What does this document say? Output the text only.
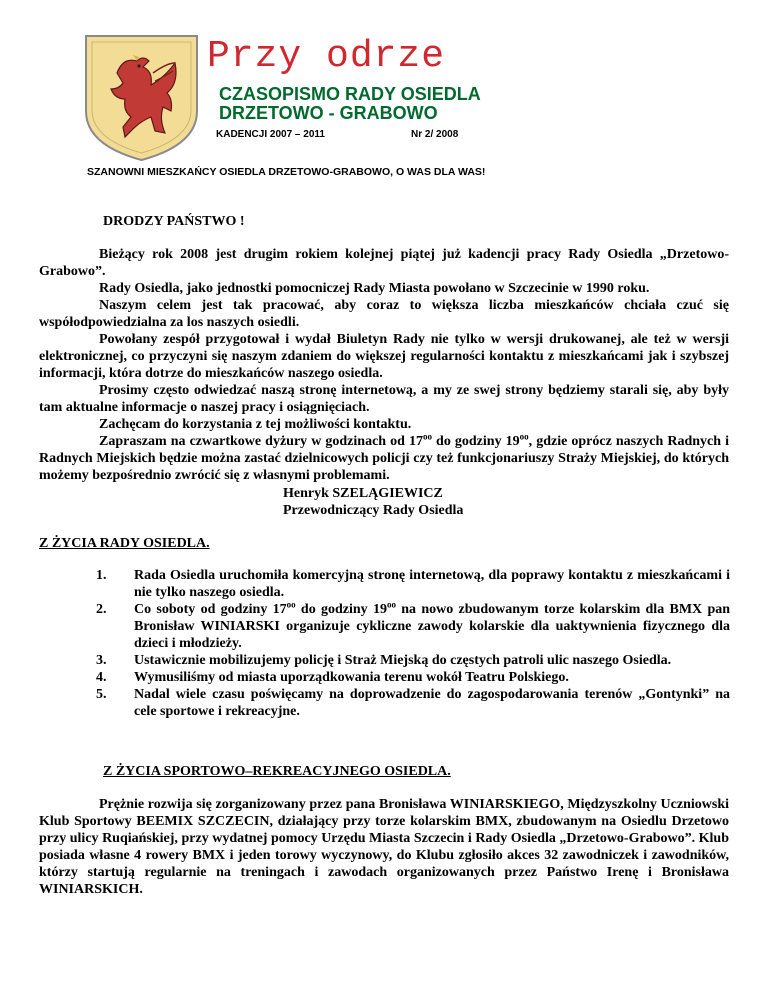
Przy odrze
CZASOPISMO RADY OSIEDLA
DRZETOWO - GRABOWO
KADENCJI 2007 – 2011	Nr 2/ 2008
SZANOWNI MIESZKAŃCY OSIEDLA DRZETOWO-GRABOWO, O WAS DLA WAS!
DRODZY PAŃSTWO !

Bieżący rok 2008 jest drugim rokiem kolejnej piątej już kadencji pracy Rady Osiedla „Drzetowo-Grabowo”.

Rady Osiedla, jako jednostki pomocniczej Rady Miasta powołano w Szczecinie w 1990 roku.

Naszym celem jest tak pracować, aby coraz to większa liczba mieszkańców chciała czuć się współodpowiedzialna za los naszych osiedli.

Powołany zespół przygotował i wydał Biuletyn Rady nie tylko w wersji drukowanej, ale też w wersji elektronicznej, co przyczyni się naszym zdaniem do większej regularności kontaktu z mieszkańcami jak i szybszej informacji, która dotrze do mieszkańców naszego osiedla.

Prosimy często odwiedzać naszą stronę internetową, a my ze swej strony będziemy starali się, aby były tam aktualne informacje o naszej pracy i osiągnięciach.

Zachęcam do korzystania z tej możliwości kontaktu.

Zapraszam na czwartkowe dyżury w godzinach od $17^{oo}$ do godziny $19^{oo}$, gdzie oprócz naszych Radnych i Radnych Miejskich będzie można zastać dzielnicowych policji czy też funkcjonariuszy Straży Miejskiej, do których możemy bezpośrednio zwrócić się z własnymi problemami.

Henryk SZELĄGIEWICZ
Przewodniczący Rady Osiedla
Z ŻYCIA RADY OSIEDLA.
1.	Rada Osiedla uruchomiła komercyjną stronę internetową, dla poprawy kontaktu z mieszkańcami i nie tylko naszego osiedla.
2.	Co soboty od godziny $17^{oo}$ do godziny $19^{oo}$ na nowo zbudowanym torze kolarskim dla BMX pan Bronisław WINIARSKI organizuje cykliczne zawody kolarskie dla uaktywnienia fizycznego dla dzieci i młodzieży.
3.	Ustawicznie mobilizujemy policję i Straż Miejską do częstych patroli ulic naszego Osiedla.
4.	Wymusiliśmy od miasta uporządkowania terenu wokół Teatru Polskiego.
5.	Nadal wiele czasu poświęcamy na doprowadzenie do zagospodarowania terenów „Gontynki” na cele sportowe i rekreacyjne.
Z ŻYCIA SPORTOWO–REKREACYJNEGO OSIEDLA.

Prężnie rozwija się zorganizowany przez pana Bronisława WINIARSKIEGO, Międzyszkolny Uczniowski Klub Sportowy BEEMIX SZCZECIN, działający przy torze kolarskim BMX, zbudowanym na Osiedlu Drzetowo przy ulicy Ruqiańskiej, przy wydatnej pomocy Urzędu Miasta Szczecin i Rady Osiedla „Drzetowo-Grabowo”. Klub posiada własne 4 rowery BMX i jeden torowy wyczynowy, do Klubu zgłosiło akces 32 zawodniczek i zawodników, którzy startują regularnie na treningach i zawodach organizowanych przez Państwo Irenę i Bronisława WINIARSKICH.
